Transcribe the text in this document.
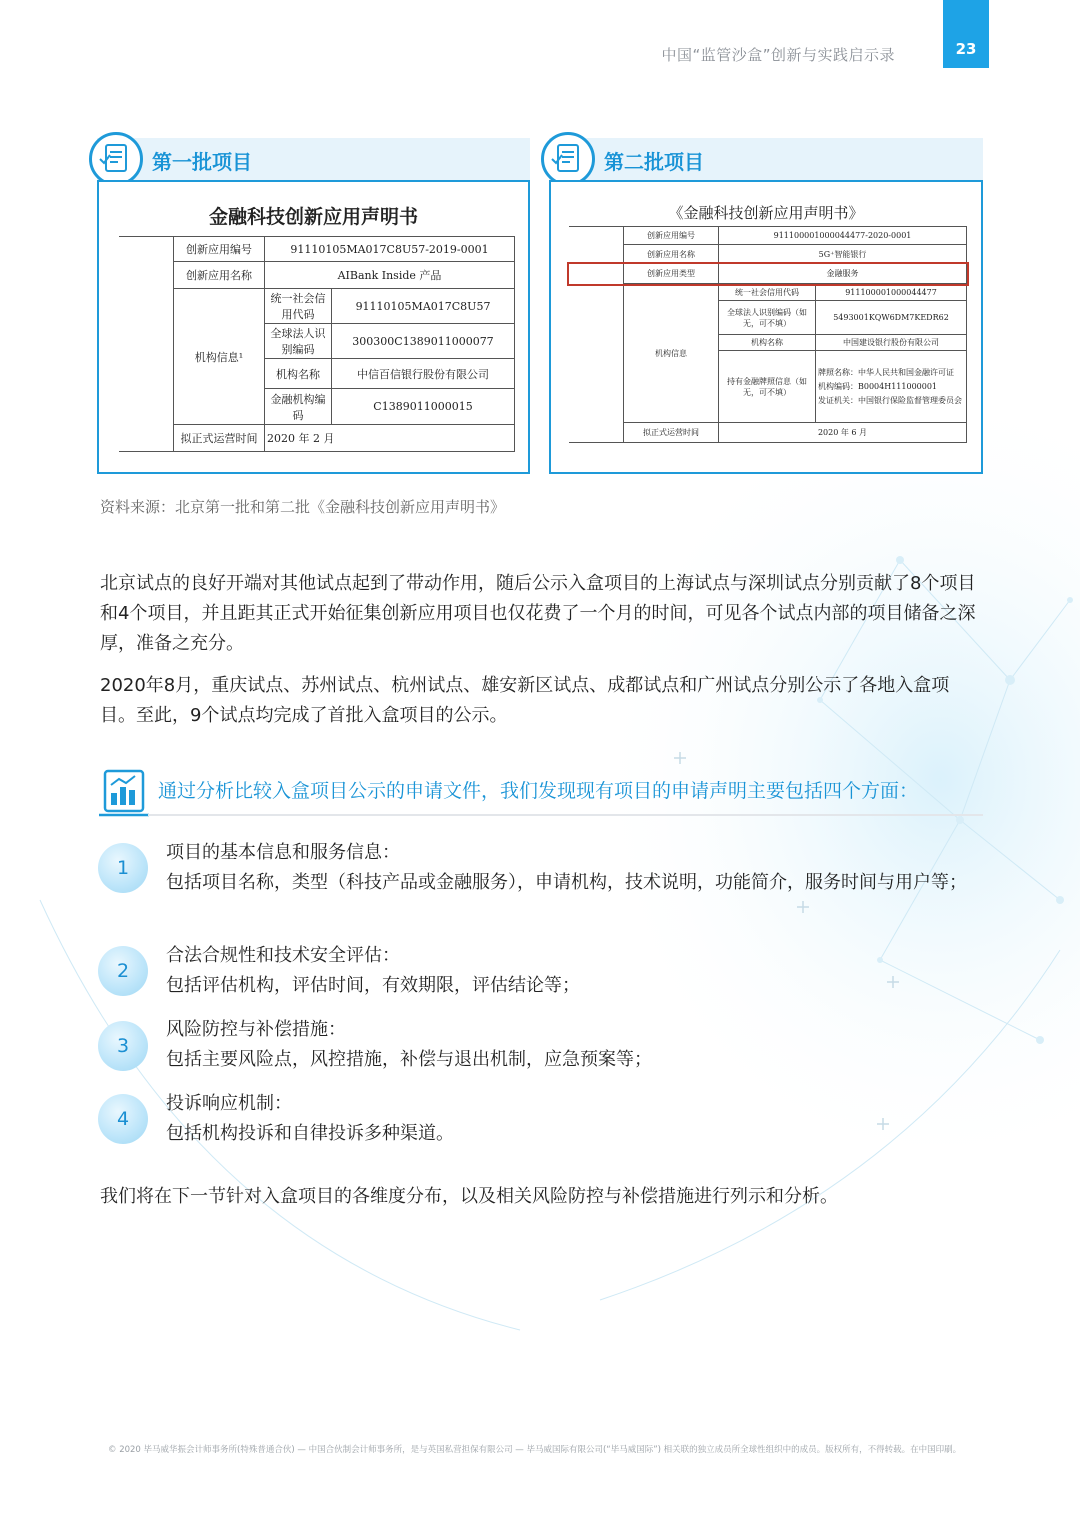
中国“监管沙盒”创新与实践启示录	23
第一批项目
金融科技创新应用声明书
	创新应用编号	91110105MA017C8U57-2019-0001	
	创新应用名称	AIBank Inside 产品	
	机构信息¹	统一社会信用代码	91110105MA017C8U57
		全球法人识别编码	300300C1389011000077
		机构名称	中信百信银行股份有限公司
		金融机构编码	C1389011000015
	拟正式运营时间	2020 年 2 月	
第二批项目
《金融科技创新应用声明书》
	创新应用编号	911100001000044477-2020-0001	
	创新应用名称	5G⁺智能银行	
	创新应用类型	金融服务	
	机构信息	统一社会信用代码	911100001000044477
		全球法人识别编码（如无，可不填）	5493001KQW6DM7KEDR62
		机构名称	中国建设银行股份有限公司
		持有金融牌照信息（如无，可不填）	牌照名称：中华人民共和国金融许可证
机构编码：B0004H111000001
发证机关：中国银行保险监督管理委员会

	拟正式运营时间	2020 年 6 月	
资料来源：北京第一批和第二批《金融科技创新应用声明书》
北京试点的良好开端对其他试点起到了带动作用，随后公示入盒项目的上海试点与深圳试点分别贡献了8个项目和4个项目，并且距其正式开始征集创新应用项目也仅花费了一个月的时间，可见各个试点内部的项目储备之深厚，准备之充分。
2020年8月，重庆试点、苏州试点、杭州试点、雄安新区试点、成都试点和广州试点分别公示了各地入盒项目。至此，9个试点均完成了首批入盒项目的公示。
通过分析比较入盒项目公示的申请文件，我们发现现有项目的申请声明主要包括四个方面：
1
项目的基本信息和服务信息：
包括项目名称，类型（科技产品或金融服务），申请机构，技术说明，功能简介，服务时间与用户等；
2
合法合规性和技术安全评估：
包括评估机构，评估时间，有效期限，评估结论等；
3
风险防控与补偿措施：
包括主要风险点，风控措施，补偿与退出机制，应急预案等；
4
投诉响应机制：
包括机构投诉和自律投诉多种渠道。
我们将在下一节针对入盒项目的各维度分布，以及相关风险防控与补偿措施进行列示和分析。
© 2020 毕马威华振会计师事务所(特殊普通合伙) — 中国合伙制会计师事务所，是与英国私营担保有限公司 — 毕马威国际有限公司(“毕马威国际”) 相关联的独立成员所全球性组织中的成员。版权所有，不得转载。在中国印刷。
